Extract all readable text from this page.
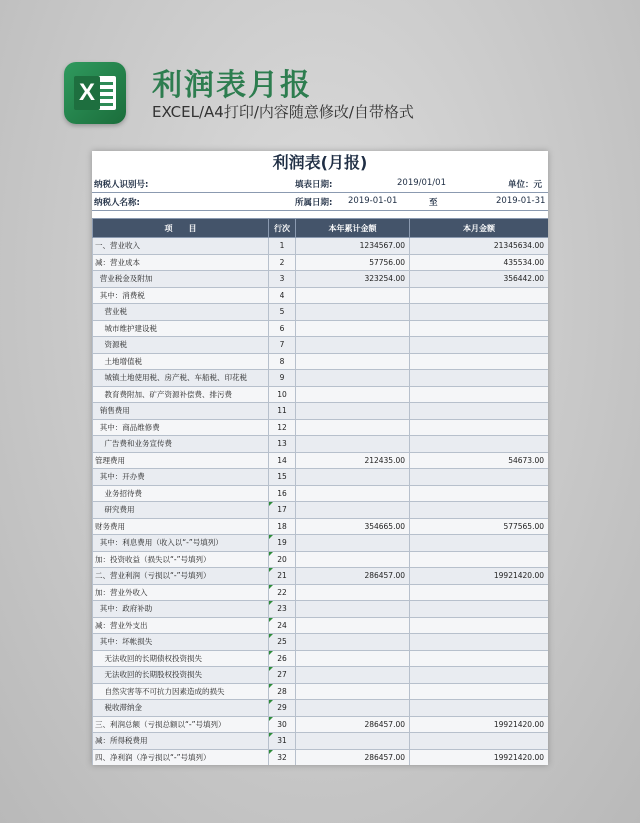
X 利润表月报
EXCEL/A4打印/内容随意修改/自带格式
利润表(月报)
纳税人识别号:	填表日期:	2019/01/01	单位：元
纳税人名称:	所属日期: 2019-01-01	至	2019-01-31
项　　目	行次	本年累计金额	本月金额
一、营业收入	1	1234567.00	21345634.00
减：营业成本	2	57756.00	435534.00
营业税金及附加	3	323254.00	356442.00
其中：消费税	4		
营业税	5		
城市维护建设税	6		
资源税	7		
土地增值税	8		
城镇土地使用税、房产税、车船税、印花税	9		
教育费附加、矿产资源补偿费、排污费	10		
销售费用	11		
其中：商品维修费	12		
广告费和业务宣传费	13		
管理费用	14	212435.00	54673.00
其中：开办费	15		
业务招待费	16		
研究费用	17		
财务费用	18	354665.00	577565.00
其中：利息费用（收入以“-”号填列）	19		
加：投资收益（损失以“-”号填列）	20		
二、营业利润（亏损以“-”号填列）	21	286457.00	19921420.00
加：营业外收入	22		
其中：政府补助	23		
减：营业外支出	24		
其中：坏帐损失	25		
无法收回的长期债权投资损失	26		
无法收回的长期股权投资损失	27		
自然灾害等不可抗力因素造成的损失	28		
税收滞纳金	29		
三、利润总额（亏损总额以“-”号填列）	30	286457.00	19921420.00
减：所得税费用	31		
四、净利润（净亏损以“-”号填列）	32	286457.00	19921420.00
